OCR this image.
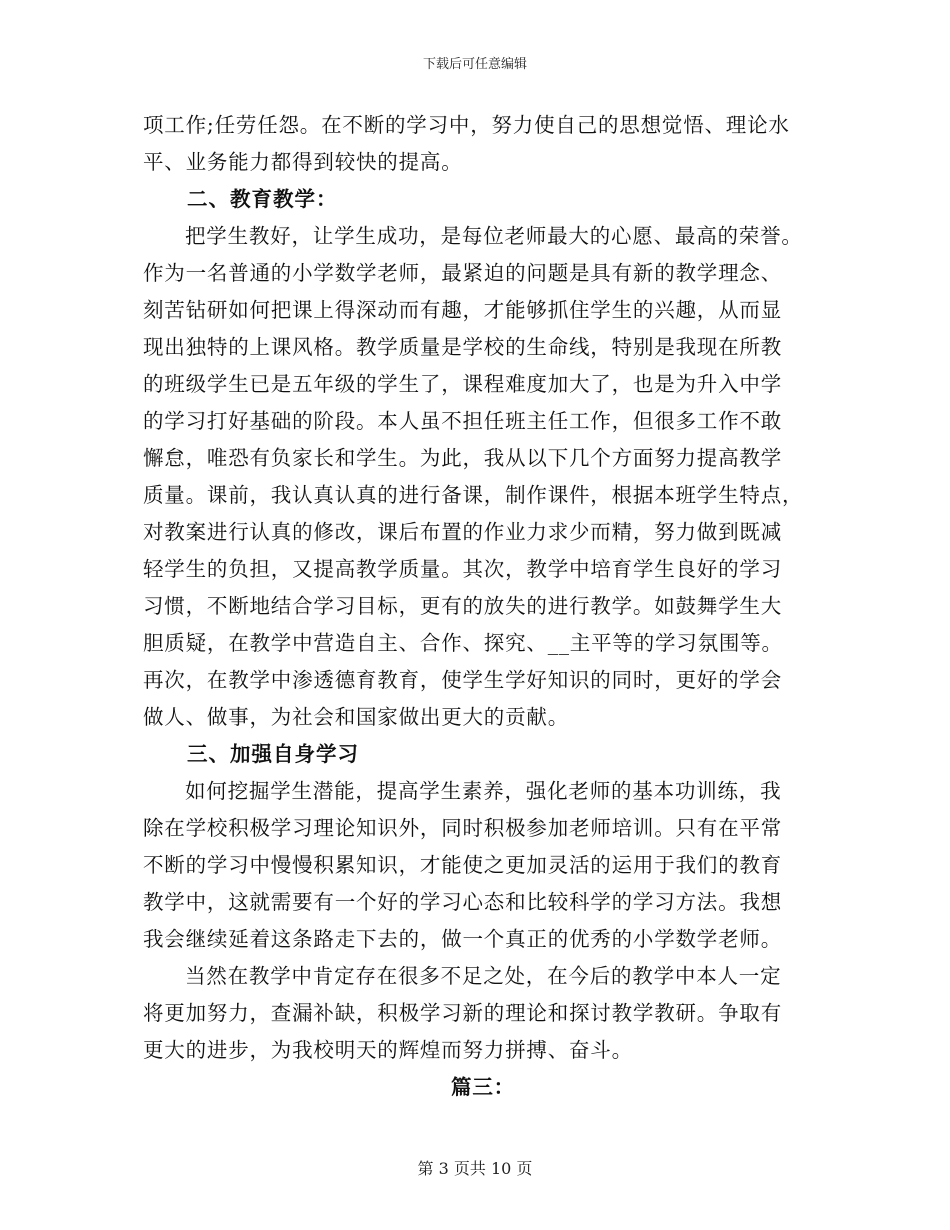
下载后可任意编辑
项工作;任劳任怨。在不断的学习中，努力使自己的思想觉悟、理论水
平、业务能力都得到较快的提高。
二、教育教学：
把学生教好，让学生成功，是每位老师最大的心愿、最高的荣誉。
作为一名普通的小学数学老师，最紧迫的问题是具有新的教学理念、
刻苦钻研如何把课上得深动而有趣，才能够抓住学生的兴趣，从而显
现出独特的上课风格。教学质量是学校的生命线，特别是我现在所教
的班级学生已是五年级的学生了，课程难度加大了，也是为升入中学
的学习打好基础的阶段。本人虽不担任班主任工作，但很多工作不敢
懈怠，唯恐有负家长和学生。为此，我从以下几个方面努力提高教学
质量。课前，我认真认真的进行备课，制作课件，根据本班学生特点，
对教案进行认真的修改，课后布置的作业力求少而精，努力做到既减
轻学生的负担，又提高教学质量。其次，教学中培育学生良好的学习
习惯，不断地结合学习目标，更有的放失的进行教学。如鼓舞学生大
胆质疑，在教学中营造自主、合作、探究、__主平等的学习氛围等。
再次，在教学中渗透德育教育，使学生学好知识的同时，更好的学会
做人、做事，为社会和国家做出更大的贡献。
三、加强自身学习
如何挖掘学生潜能，提高学生素养，强化老师的基本功训练，我
除在学校积极学习理论知识外，同时积极参加老师培训。只有在平常
不断的学习中慢慢积累知识，才能使之更加灵活的运用于我们的教育
教学中，这就需要有一个好的学习心态和比较科学的学习方法。我想
我会继续延着这条路走下去的，做一个真正的优秀的小学数学老师。
当然在教学中肯定存在很多不足之处，在今后的教学中本人一定
将更加努力，查漏补缺，积极学习新的理论和探讨教学教研。争取有
更大的进步，为我校明天的辉煌而努力拼搏、奋斗。
篇三：
第 3 页共 10 页
